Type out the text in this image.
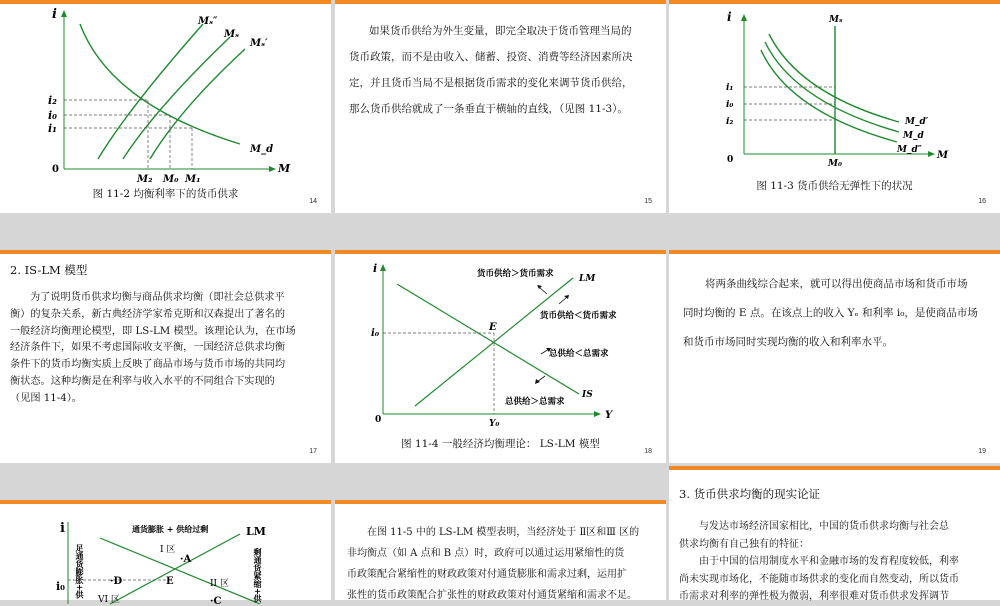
i
M
0
i₂
i₀
i₁
M₂ M₀ M₁
Mₛ″
Mₛ
Mₛ′
M_d
图 11-2 均衡利率下的货币供求
14

如果货币供给为外生变量，即完全取决于货币管理当局的

货币政策，而不是由收入、储蓄、投资、消费等经济因素所决

定，并且货币当局不是根据货币需求的变化来调节货币供给，

那么货币供给就成了一条垂直于横轴的直线，（见图 11-3）。

15
i
M
0
Mₛ
i₁
i₀
i₂
M₀
M_d′
M_d
M_d″
图 11-3 货币供给无弹性下的状况
16
2. IS-LM 模型

为了说明货币供求均衡与商品供求均衡（即社会总供求平

衡）的复杂关系，新古典经济学家希克斯和汉森提出了著名的

一般经济均衡理论模型，即 LS-LM 模型。该理论认为，在市场

经济条件下，如果不考虑国际收支平衡，一国经济总供求均衡

条件下的货币均衡实质上反映了商品市场与货币市场的共同均

衡状态。这种均衡是在利率与收入水平的不同组合下实现的

（见图 11-4）。

17
i
Y
0
i₀
Y₀
E
LM
IS
货币供给＞货币需求
货币供给＜货币需求
总供给＜总需求
总供给＞总需求
图 11-4 一般经济均衡理论： LS-LM 模型
18

将两条曲线综合起来，就可以得出使商品市场和货币市场

同时均衡的 E 点。在该点上的收入 Yₑ 和利率 i₀，是使商品市场

和货币市场同时实现均衡的收入和利率水平。

19
i
i₀
LM
通货膨胀 + 供给过剩
I 区
II 区
VI 区
·A
·D	E
·C
足通货膨胀+供	剩通货紧缩+供

在图 11-5 中的 LS-LM 模型表明，当经济处于 Ⅱ区和Ⅲ 区的

非均衡点（如 A 点和 B 点）时，政府可以通过运用紧缩性的货

币政策配合紧缩性的财政政策对付通货膨胀和需求过剩，运用扩

张性的货币政策配合扩张性的财政政策对付通货紧缩和需求不足。

3. 货币供求均衡的现实论证

与发达市场经济国家相比，中国的货币供求均衡与社会总

供求均衡有自己独有的特征：

由于中国的信用制度水平和金融市场的发育程度较低，利率

尚未实现市场化，不能随市场供求的变化而自然变动，所以货币

币需求对利率的弹性极为微弱，利率很难对货币供求发挥调节
